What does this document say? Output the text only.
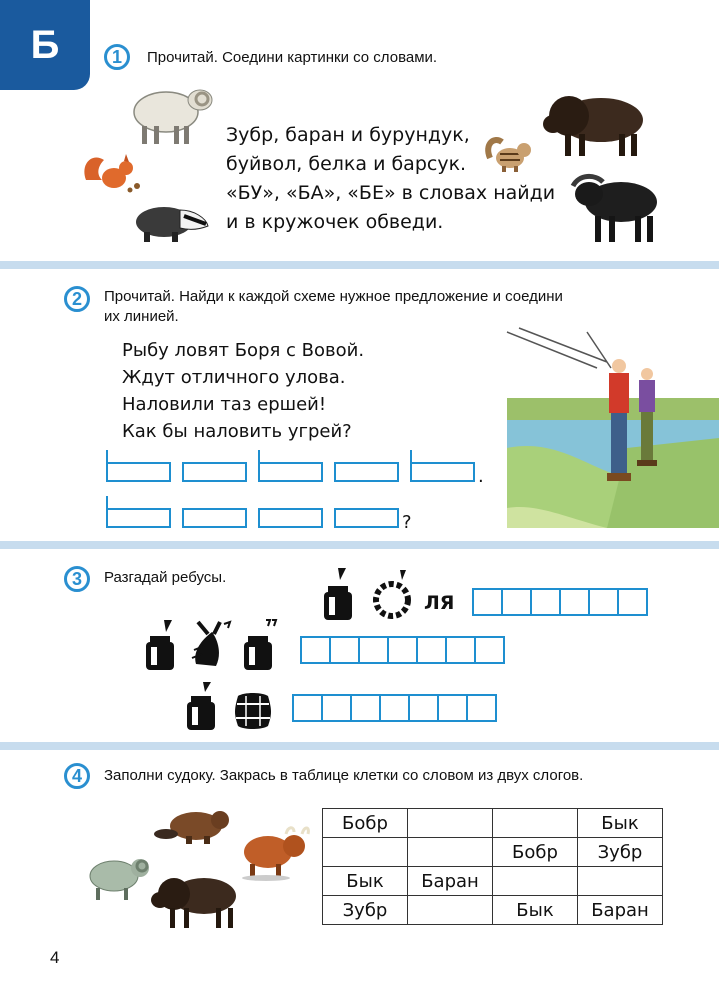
Б	1	Прочитай. Соедини картинки со словами.
Зубр, баран и бурундук,
буйвол, белка и барсук.
«БУ», «БА», «БЕ» в словах найди
и в кружочек обведи.
2	Прочитай. Найди к каждой схеме нужное предложение и соедини
их линией.
Рыбу ловят Боря с Вовой.
Ждут отличного улова.
Наловили таз ершей!
Как бы наловить угрей?
.
?
3	Разгадай ребусы.
ЛЯ
4	Заполни судоку. Закрась в таблице клетки со словом из двух слогов.
Бобр			Бык
		Бобр	Зубр
Бык	Баран		
Зубр		Бык	Баран
4
